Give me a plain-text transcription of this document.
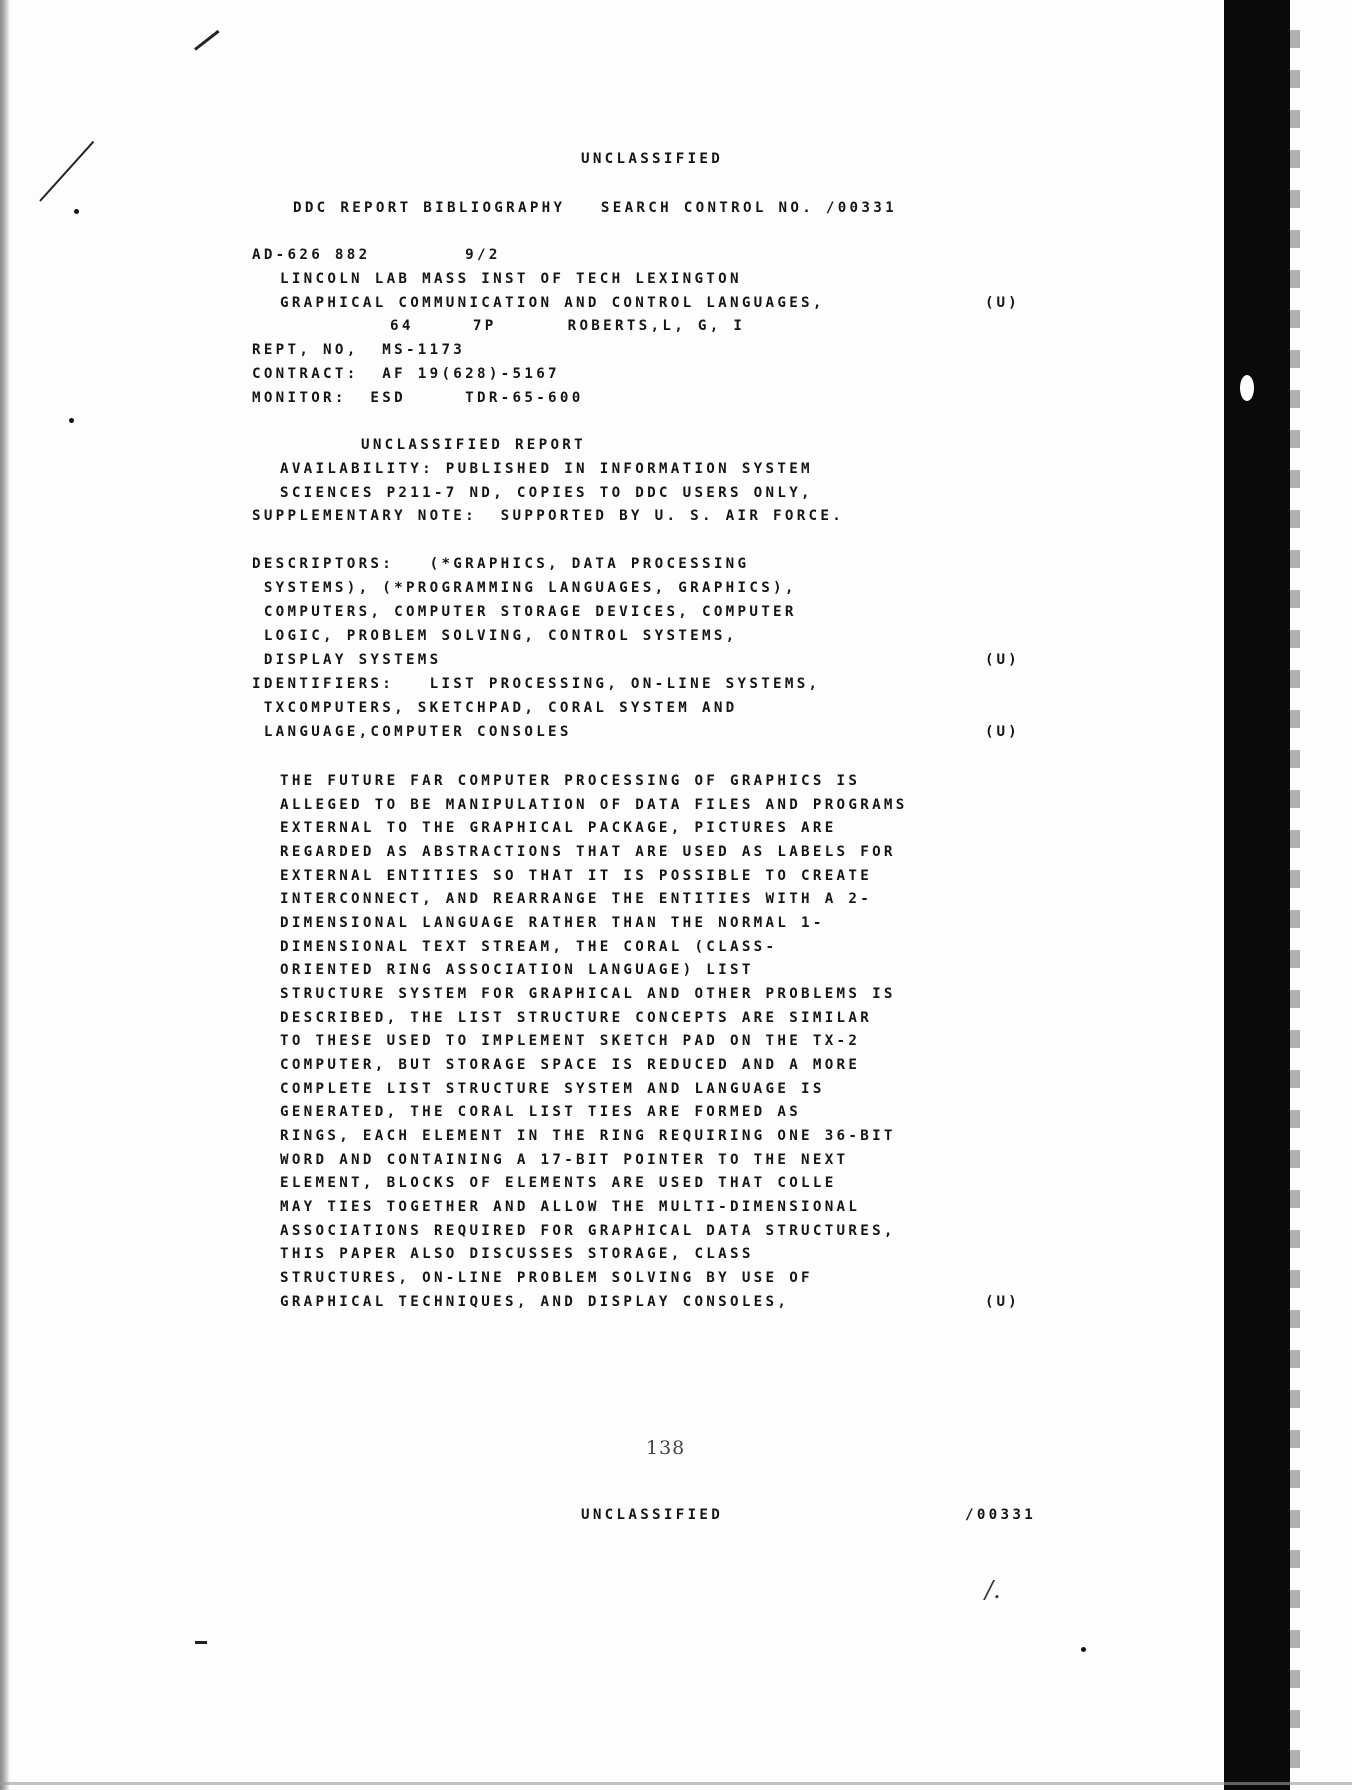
UNCLASSIFIED
DDC REPORT BIBLIOGRAPHY   SEARCH CONTROL NO. /00331
AD-626 882        9/2
LINCOLN LAB MASS INST OF TECH LEXINGTON
GRAPHICAL COMMUNICATION AND CONTROL LANGUAGES,	(U)
64     7P      ROBERTS,L, G, I
REPT, NO,  MS-1173
CONTRACT:  AF 19(628)-5167
MONITOR:  ESD     TDR-65-600
UNCLASSIFIED REPORT
AVAILABILITY: PUBLISHED IN INFORMATION SYSTEM
SCIENCES P211-7 ND, COPIES TO DDC USERS ONLY,
SUPPLEMENTARY NOTE:  SUPPORTED BY U. S. AIR FORCE.
DESCRIPTORS:   (*GRAPHICS, DATA PROCESSING
SYSTEMS), (*PROGRAMMING LANGUAGES, GRAPHICS),
COMPUTERS, COMPUTER STORAGE DEVICES, COMPUTER
LOGIC, PROBLEM SOLVING, CONTROL SYSTEMS,
DISPLAY SYSTEMS	(U)
IDENTIFIERS:   LIST PROCESSING, ON-LINE SYSTEMS,
TXCOMPUTERS, SKETCHPAD, CORAL SYSTEM AND
LANGUAGE,COMPUTER CONSOLES	(U)
THE FUTURE FAR COMPUTER PROCESSING OF GRAPHICS IS
ALLEGED TO BE MANIPULATION OF DATA FILES AND PROGRAMS
EXTERNAL TO THE GRAPHICAL PACKAGE, PICTURES ARE
REGARDED AS ABSTRACTIONS THAT ARE USED AS LABELS FOR
EXTERNAL ENTITIES SO THAT IT IS POSSIBLE TO CREATE
INTERCONNECT, AND REARRANGE THE ENTITIES WITH A 2-
DIMENSIONAL LANGUAGE RATHER THAN THE NORMAL 1-
DIMENSIONAL TEXT STREAM, THE CORAL (CLASS-
ORIENTED RING ASSOCIATION LANGUAGE) LIST
STRUCTURE SYSTEM FOR GRAPHICAL AND OTHER PROBLEMS IS
DESCRIBED, THE LIST STRUCTURE CONCEPTS ARE SIMILAR
TO THESE USED TO IMPLEMENT SKETCH PAD ON THE TX-2
COMPUTER, BUT STORAGE SPACE IS REDUCED AND A MORE
COMPLETE LIST STRUCTURE SYSTEM AND LANGUAGE IS
GENERATED, THE CORAL LIST TIES ARE FORMED AS
RINGS, EACH ELEMENT IN THE RING REQUIRING ONE 36-BIT
WORD AND CONTAINING A 17-BIT POINTER TO THE NEXT
ELEMENT, BLOCKS OF ELEMENTS ARE USED THAT COLLE
MAY TIES TOGETHER AND ALLOW THE MULTI-DIMENSIONAL
ASSOCIATIONS REQUIRED FOR GRAPHICAL DATA STRUCTURES,
THIS PAPER ALSO DISCUSSES STORAGE, CLASS
STRUCTURES, ON-LINE PROBLEM SOLVING BY USE OF
GRAPHICAL TECHNIQUES, AND DISPLAY CONSOLES,	(U)
138
UNCLASSIFIED	/00331
/.
